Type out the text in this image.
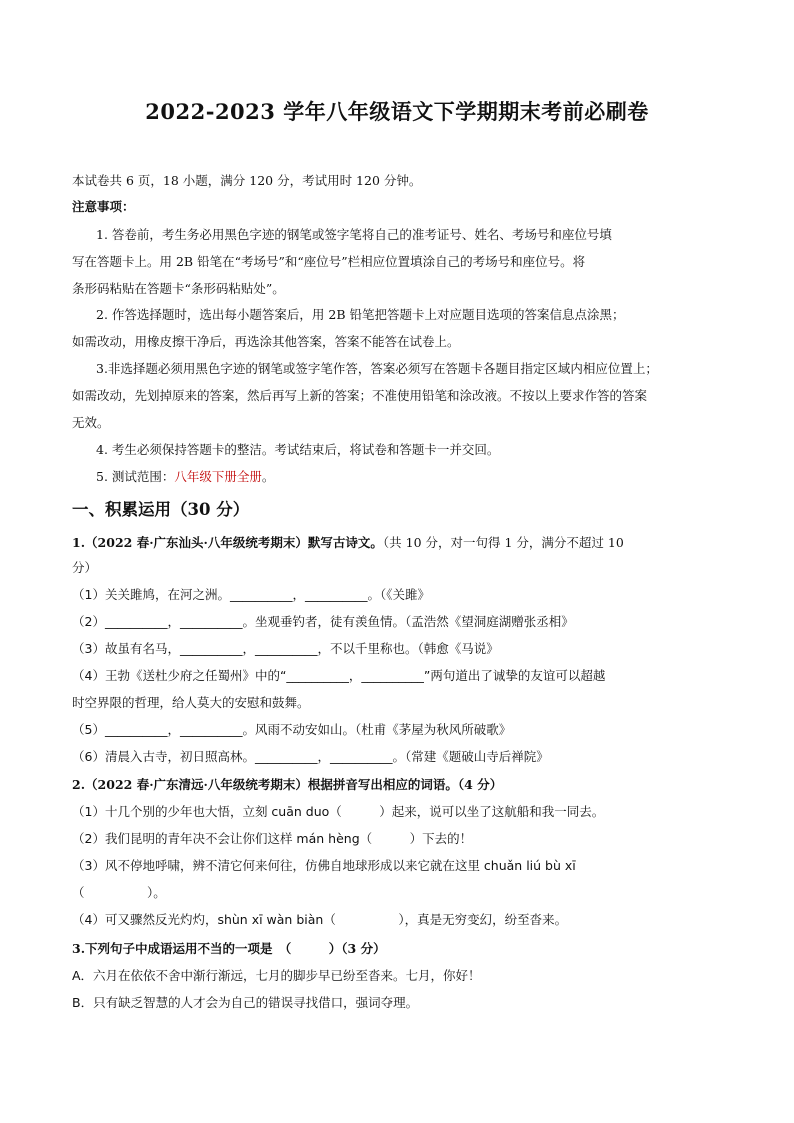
2022-2023 学年八年级语文下学期期末考前必刷卷
本试卷共 6 页，18 小题，满分 120 分，考试用时 120 分钟。
注意事项：
1. 答卷前，考生务必用黑色字迹的钢笔或签字笔将自己的准考证号、姓名、考场号和座位号填
写在答题卡上。用 2B 铅笔在“考场号”和“座位号”栏相应位置填涂自己的考场号和座位号。将
条形码粘贴在答题卡“条形码粘贴处”。
2. 作答选择题时，选出每小题答案后，用 2B 铅笔把答题卡上对应题目选项的答案信息点涂黑；
如需改动，用橡皮擦干净后，再选涂其他答案，答案不能答在试卷上。
3.非选择题必须用黑色字迹的钢笔或签字笔作答，答案必须写在答题卡各题目指定区域内相应位置上；
如需改动，先划掉原来的答案，然后再写上新的答案；不准使用铅笔和涂改液。不按以上要求作答的答案
无效。
4. 考生必须保持答题卡的整洁。考试结束后，将试卷和答题卡一并交回。
5. 测试范围：八年级下册全册。
一、积累运用（30 分）
1.（2022 春·广东汕头·八年级统考期末）默写古诗文。（共 10 分，对一句得 1 分，满分不超过 10
分）
（1）关关雎鸠，在河之洲。__________，__________。（《关雎》
（2）__________，__________。坐观垂钓者，徒有羡鱼情。（孟浩然《望洞庭湖赠张丞相》
（3）故虽有名马，__________，__________，不以千里称也。（韩愈《马说》
（4）王勃《送杜少府之任蜀州》中的“__________，__________”两句道出了诚挚的友谊可以超越
时空界限的哲理，给人莫大的安慰和鼓舞。
（5）__________，__________。风雨不动安如山。（杜甫《茅屋为秋风所破歌》
（6）清晨入古寺，初日照高林。__________，__________。（常建《题破山寺后禅院》
2.（2022 春·广东清远·八年级统考期末）根据拼音写出相应的词语。（4 分）
（1）十几个别的少年也大悟，立刻 cuān duo（　　　）起来，说可以坐了这航船和我一同去。
（2）我们昆明的青年决不会让你们这样 mán hèng（　　　）下去的！
（3）风不停地呼啸，辨不清它何来何往，仿佛自地球形成以来它就在这里 chuǎn liú bù xī
（　　　　　）。
（4）可又骤然反光灼灼，shùn xī wàn biàn（　　　　　），真是无穷变幻，纷至沓来。
3.下列句子中成语运用不当的一项是　（　　　）（3 分）
A．六月在依依不舍中渐行渐远，七月的脚步早已纷至沓来。七月，你好！
B．只有缺乏智慧的人才会为自己的错误寻找借口，强词夺理。
